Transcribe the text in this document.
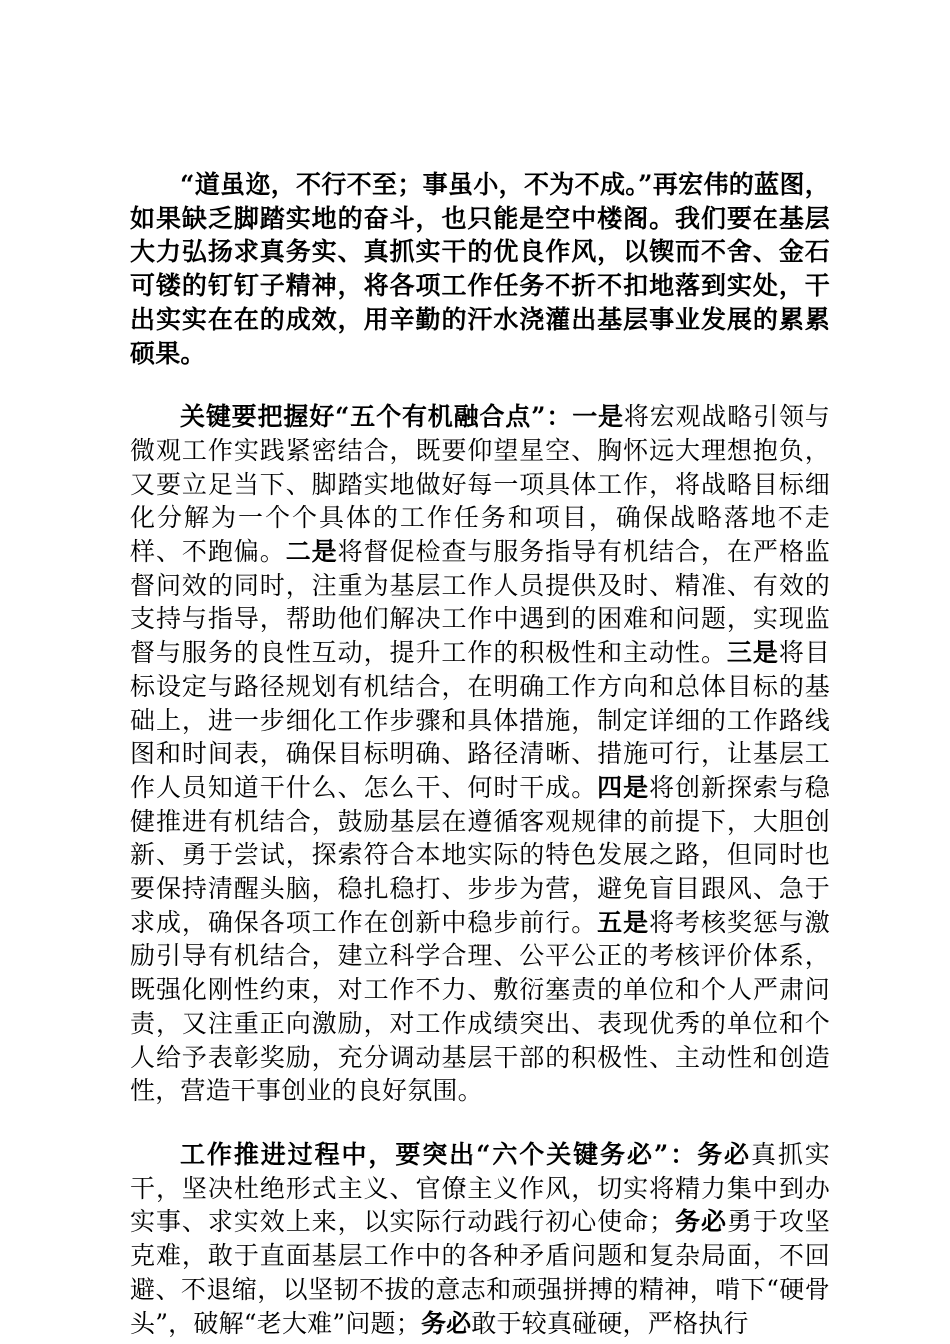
“道虽迩，不行不至；事虽小，不为不成。”再宏伟的蓝图，如果缺乏脚踏实地的奋斗，也只能是空中楼阁。我们要在基层大力弘扬求真务实、真抓实干的优良作风，以锲而不舍、金石可镂的钉钉子精神，将各项工作任务不折不扣地落到实处，干出实实在在的成效，用辛勤的汗水浇灌出基层事业发展的累累硕果。

关键要把握好“五个有机融合点”：一是将宏观战略引领与微观工作实践紧密结合，既要仰望星空、胸怀远大理想抱负，又要立足当下、脚踏实地做好每一项具体工作，将战略目标细化分解为一个个具体的工作任务和项目，确保战略落地不走样、不跑偏。二是将督促检查与服务指导有机结合，在严格监督问效的同时，注重为基层工作人员提供及时、精准、有效的支持与指导，帮助他们解决工作中遇到的困难和问题，实现监督与服务的良性互动，提升工作的积极性和主动性。三是将目标设定与路径规划有机结合，在明确工作方向和总体目标的基础上，进一步细化工作步骤和具体措施，制定详细的工作路线图和时间表，确保目标明确、路径清晰、措施可行，让基层工作人员知道干什么、怎么干、何时干成。四是将创新探索与稳健推进有机结合，鼓励基层在遵循客观规律的前提下，大胆创新、勇于尝试，探索符合本地实际的特色发展之路，但同时也要保持清醒头脑，稳扎稳打、步步为营，避免盲目跟风、急于求成，确保各项工作在创新中稳步前行。五是将考核奖惩与激励引导有机结合，建立科学合理、公平公正的考核评价体系，既强化刚性约束，对工作不力、敷衍塞责的单位和个人严肃问责，又注重正向激励，对工作成绩突出、表现优秀的单位和个人给予表彰奖励，充分调动基层干部的积极性、主动性和创造性，营造干事创业的良好氛围。

工作推进过程中，要突出“六个关键务必”：务必真抓实干，坚决杜绝形式主义、官僚主义作风，切实将精力集中到办实事、求实效上来，以实际行动践行初心使命；务必勇于攻坚克难，敢于直面基层工作中的各种矛盾问题和复杂局面，不回避、不退缩，以坚韧不拔的意志和顽强拼搏的精神，啃下“硬骨头”，破解“老大难”问题；务必敢于较真碰硬，严格执行
